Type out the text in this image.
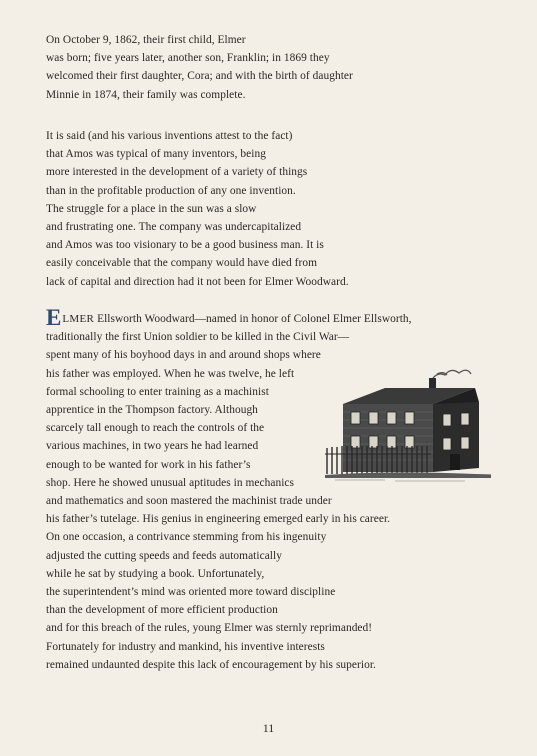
On October 9, 1862, their first child, Elmer
was born; five years later, another son, Franklin; in 1869 they
welcomed their first daughter, Cora; and with the birth of daughter
Minnie in 1874, their family was complete.
It is said (and his various inventions attest to the fact)
that Amos was typical of many inventors, being
more interested in the development of a variety of things
than in the profitable production of any one invention.
The struggle for a place in the sun was a slow
and frustrating one. The company was undercapitalized
and Amos was too visionary to be a good business man. It is
easily conceivable that the company would have died from
lack of capital and direction had it not been for Elmer Woodward.
ELMER Ellsworth Woodward—named in honor of Colonel Elmer Ellsworth,
traditionally the first Union soldier to be killed in the Civil War—
spent many of his boyhood days in and around shops where
his father was employed. When he was twelve, he left
formal schooling to enter training as a machinist
apprentice in the Thompson factory. Although
scarcely tall enough to reach the controls of the
various machines, in two years he had learned
enough to be wanted for work in his father’s
shop. Here he showed unusual aptitudes in mechanics
and mathematics and soon mastered the machinist trade under
his father’s tutelage. His genius in engineering emerged early in his career.
On one occasion, a contrivance stemming from his ingenuity
adjusted the cutting speeds and feeds automatically
while he sat by studying a book. Unfortunately,
the superintendent’s mind was oriented more toward discipline
than the development of more efficient production
and for this breach of the rules, young Elmer was sternly reprimanded!
Fortunately for industry and mankind, his inventive interests
remained undaunted despite this lack of encouragement by his superior.
11
